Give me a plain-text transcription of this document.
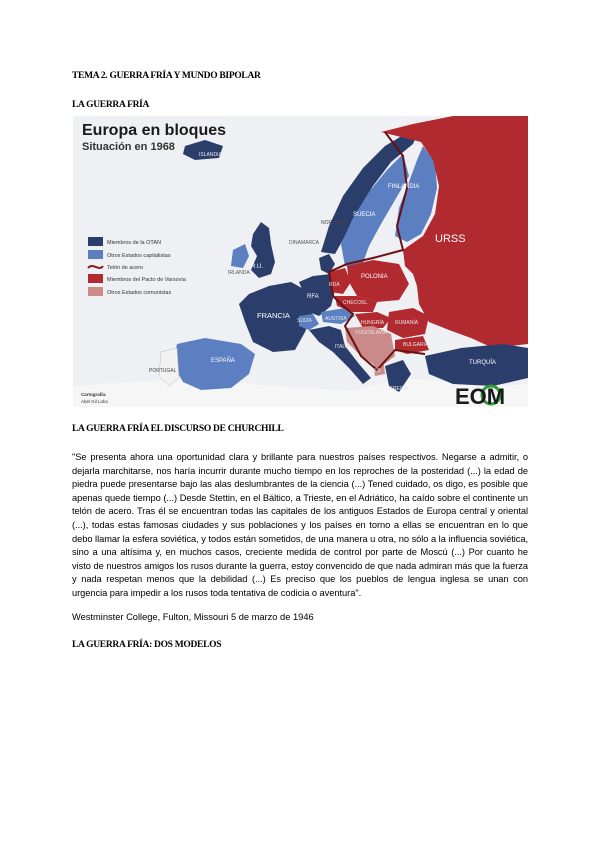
TEMA 2. GUERRA FRÍA Y MUNDO BIPOLAR
LA GUERRA FRÍA
Europa en bloques
Situación en 1968
Miembros de la OTAN
Otros Estados capitalistas
Telón de acero
Miembros del Pacto de Varsovia
Otros Estados comunistas
ISLANDIA
FINLANDIA
SUECIA
NORUEGA
DINAMARCA	URSS
R.U.
IRLANDA
RFA
RDA
POLONIA
FRANCIA
SUIZA	AUSTRIA
CHECOSL.
HUNGRÍA RUMANÍA
YUGOSLAVIA
BULGARIA
ALB.
ITALIA
ESPAÑA
PORTUGAL
GRECIA
TURQUÍA
Cartografía:
Abel Gil Lobo	EOM
LA GUERRA FRÍA EL DISCURSO DE CHURCHILL
"Se presenta ahora una oportunidad clara y brillante para nuestros países respectivos. Negarse a admitir, o dejarla marchitarse, nos haría incurrir durante mucho tiempo en los reproches de la posteridad (...) la edad de piedra puede presentarse bajo las alas deslumbrantes de la ciencia (...) Tened cuidado, os digo, es posible que apenas quede tiempo (...) Desde Stettin, en el Báltico, a Trieste, en el Adriático, ha caído sobre el continente un telón de acero. Tras él se encuentran todas las capitales de los antiguos Estados de Europa central y oriental (...), todas estas famosas ciudades y sus poblaciones y los países en torno a ellas se encuentran en lo que debo llamar la esfera soviética, y todos están sometidos, de una manera u otra, no sólo a la influencia soviética, sino a una altísima y, en muchos casos, creciente medida de control por parte de Moscú (...) Por cuanto he visto de nuestros amigos los rusos durante la guerra, estoy convencido de que nada admiran más que la fuerza y nada respetan menos que la debilidad (...) Es preciso que los pueblos de lengua inglesa se unan con urgencia para impedir a los rusos toda tentativa de codicia o aventura".
Westminster College, Fulton, Missouri 5 de marzo de 1946
LA GUERRA FRÍA: DOS MODELOS
